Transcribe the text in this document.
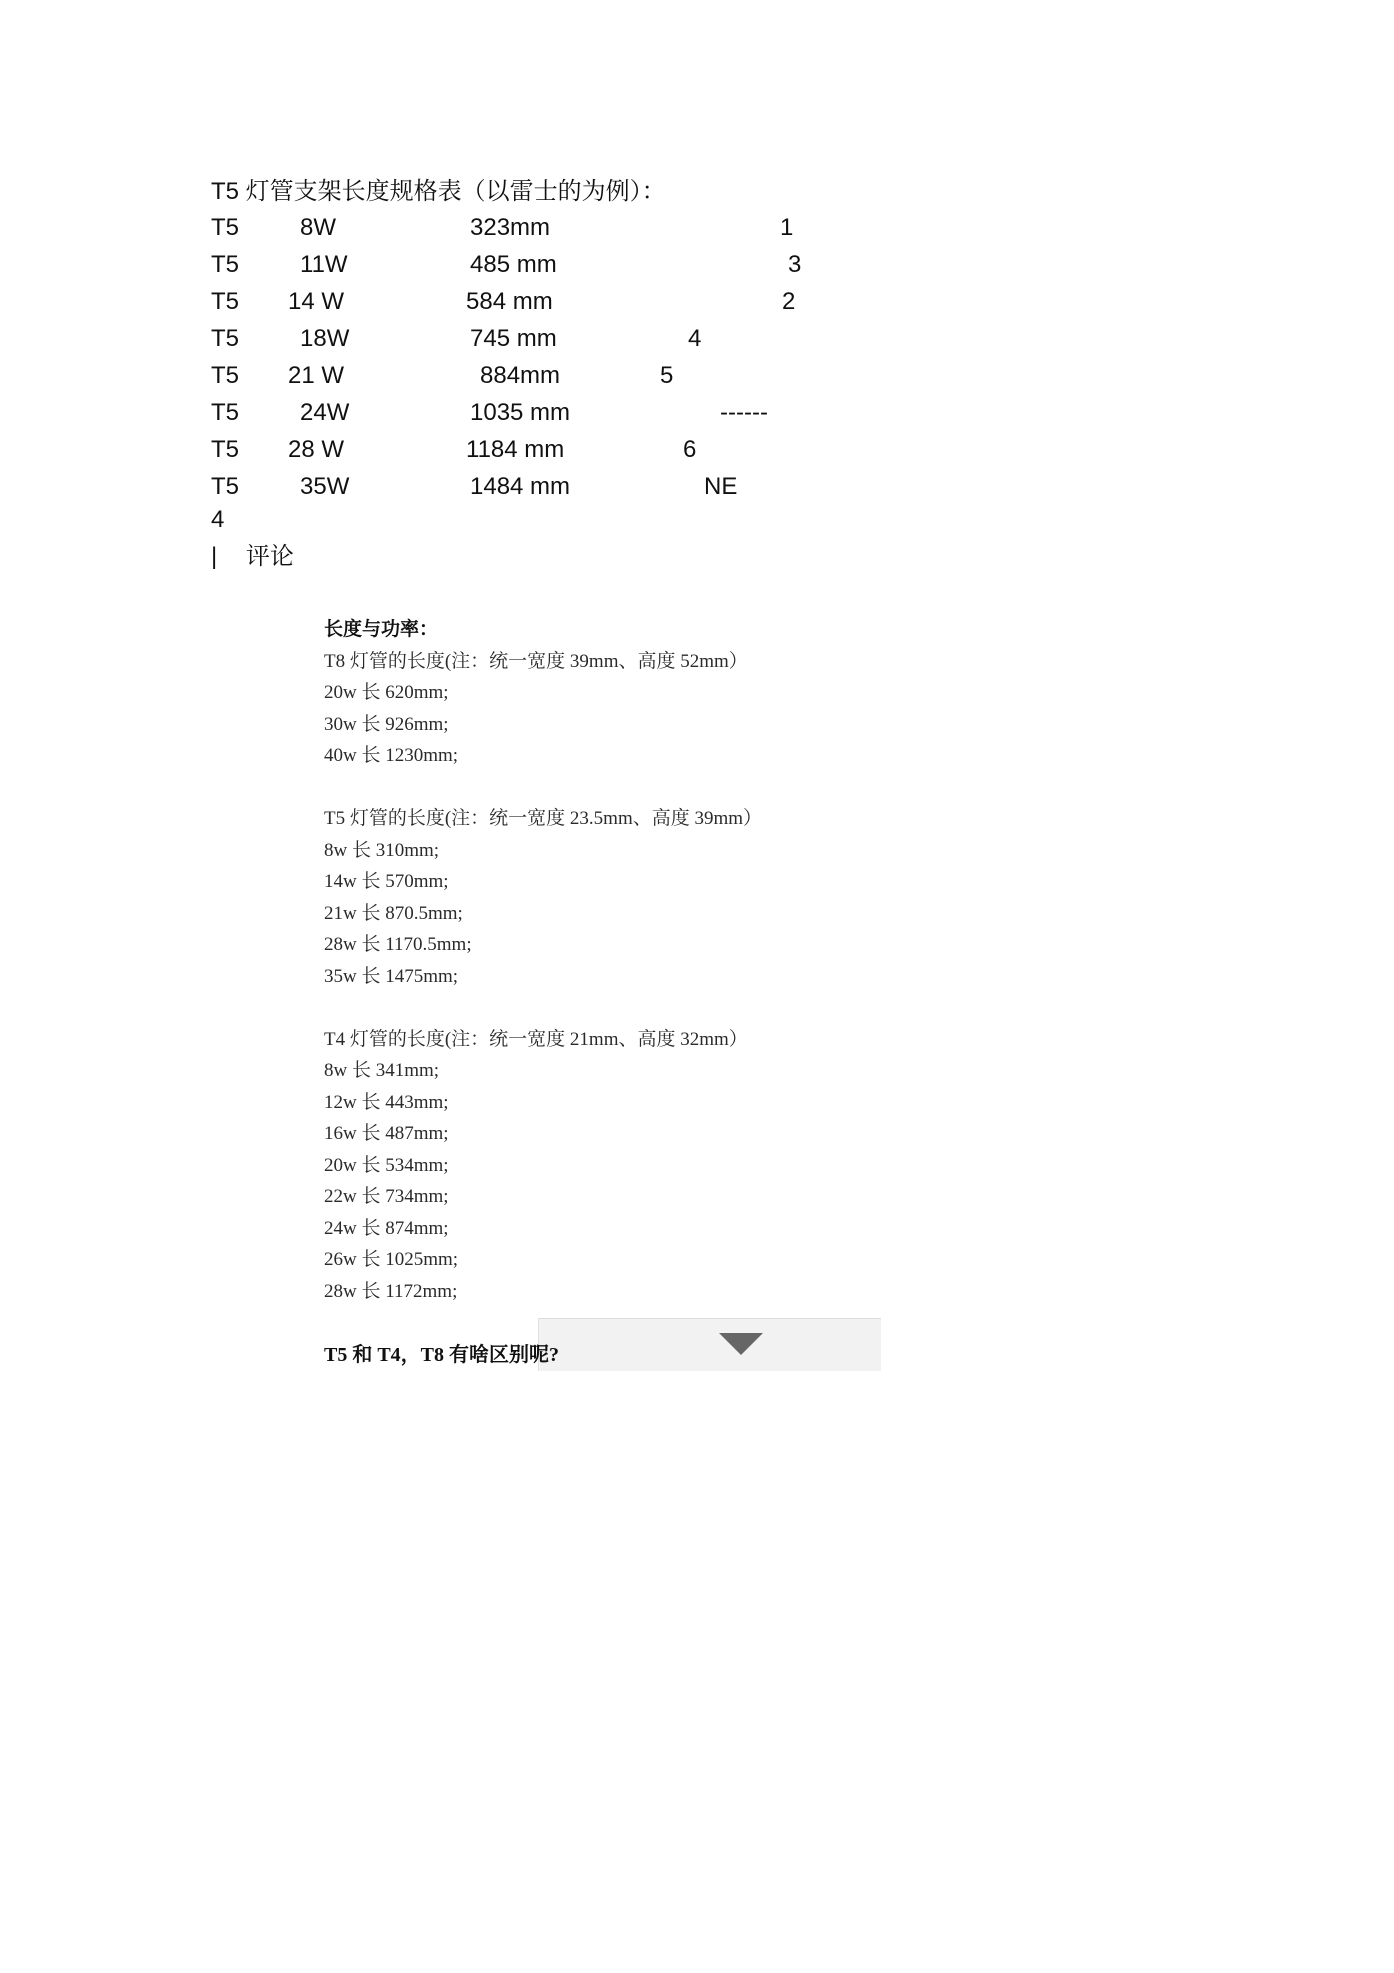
T5 灯管支架长度规格表（以雷士的为例）：
T5	8W	323mm	1
T5	11W	485 mm	3
T5 14 W	584 mm	2
T5	18W	745 mm	4
T5 21 W	884mm	5
T5	24W	1035 mm	------
T5 28 W	1184 mm	6
T5	35W	1484 mm	NE
4
| 评论
T5 和 T4，T8 有啥区别呢?
长度与功率：
T8 灯管的长度(注：统一宽度 39mm、高度 52mm）
20w 长 620mm;
30w 长 926mm;
40w 长 1230mm;
T5 灯管的长度(注：统一宽度 23.5mm、高度 39mm）
8w 长 310mm;
14w 长 570mm;
21w 长 870.5mm;
28w 长 1170.5mm;
35w 长 1475mm;
T4 灯管的长度(注：统一宽度 21mm、高度 32mm）
8w 长 341mm;
12w 长 443mm;
16w 长 487mm;
20w 长 534mm;
22w 长 734mm;
24w 长 874mm;
26w 长 1025mm;
28w 长 1172mm;
